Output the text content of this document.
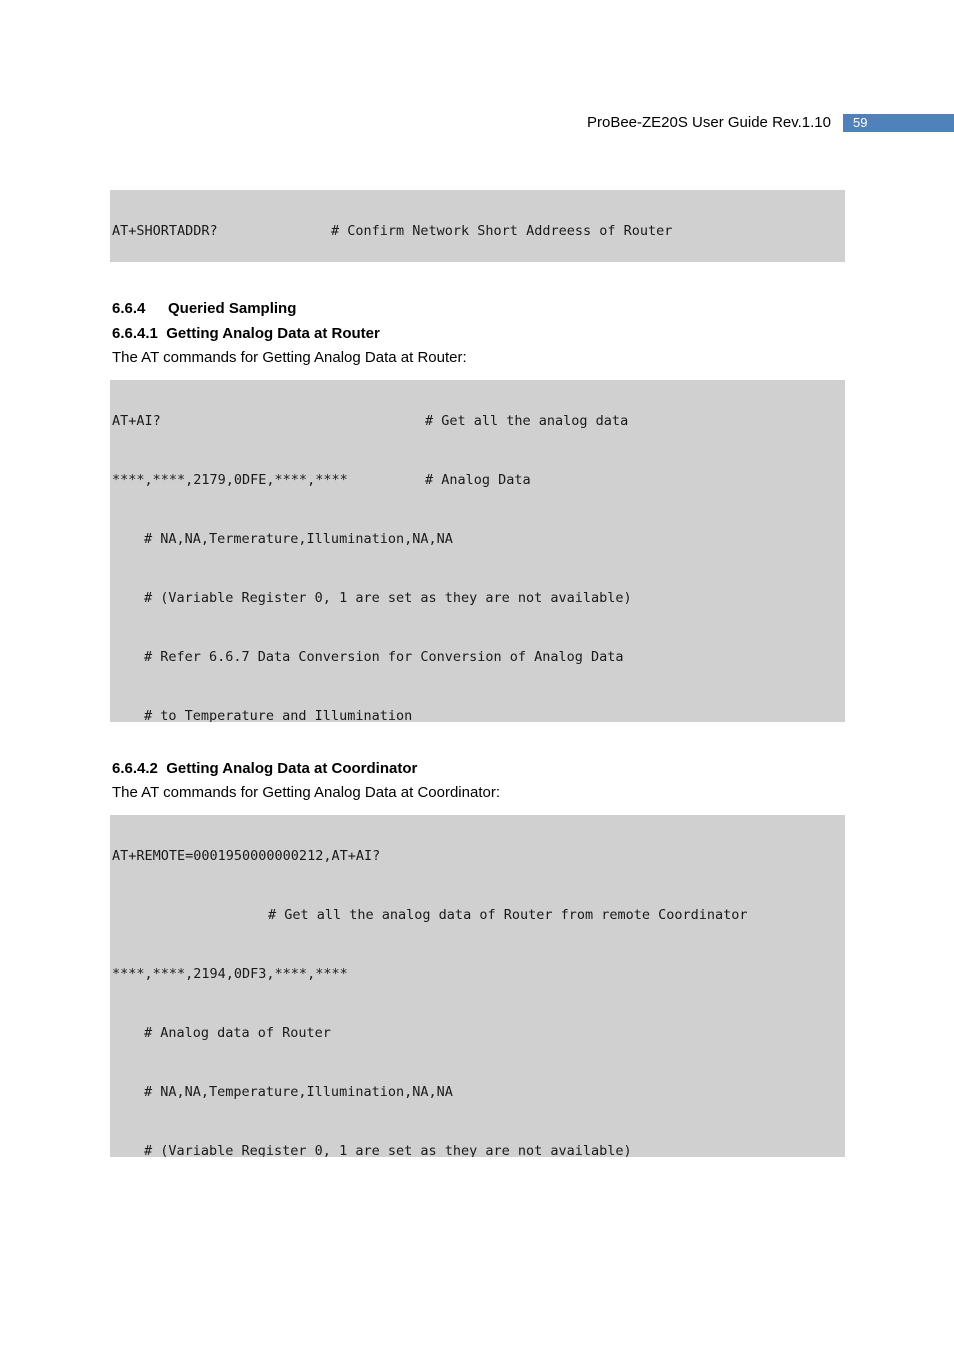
ProBee-ZE20S User Guide Rev.1.10	59

AT+SHORTADDR?

	# Confirm Network Short Addreess of Router

6.6.4 Queried Sampling
6.6.4.1  Getting Analog Data at Router
The AT commands for Getting Analog Data at Router:

AT+AI?

	# Get all the analog data

****,****,2179,0DFE,****,****

	# Analog Data

# NA,NA,Termerature,Illumination,NA,NA

# (Variable Register 0, 1 are set as they are not available)

# Refer 6.6.7 Data Conversion for Conversion of Analog Data

# to Temperature and Illumination

6.6.4.2  Getting Analog Data at Coordinator
The AT commands for Getting Analog Data at Coordinator:

AT+REMOTE=0001950000000212,AT+AI?

# Get all the analog data of Router from remote Coordinator

****,****,2194,0DF3,****,****

# Analog data of Router

# NA,NA,Temperature,Illumination,NA,NA

# (Variable Register 0, 1 are set as they are not available)
